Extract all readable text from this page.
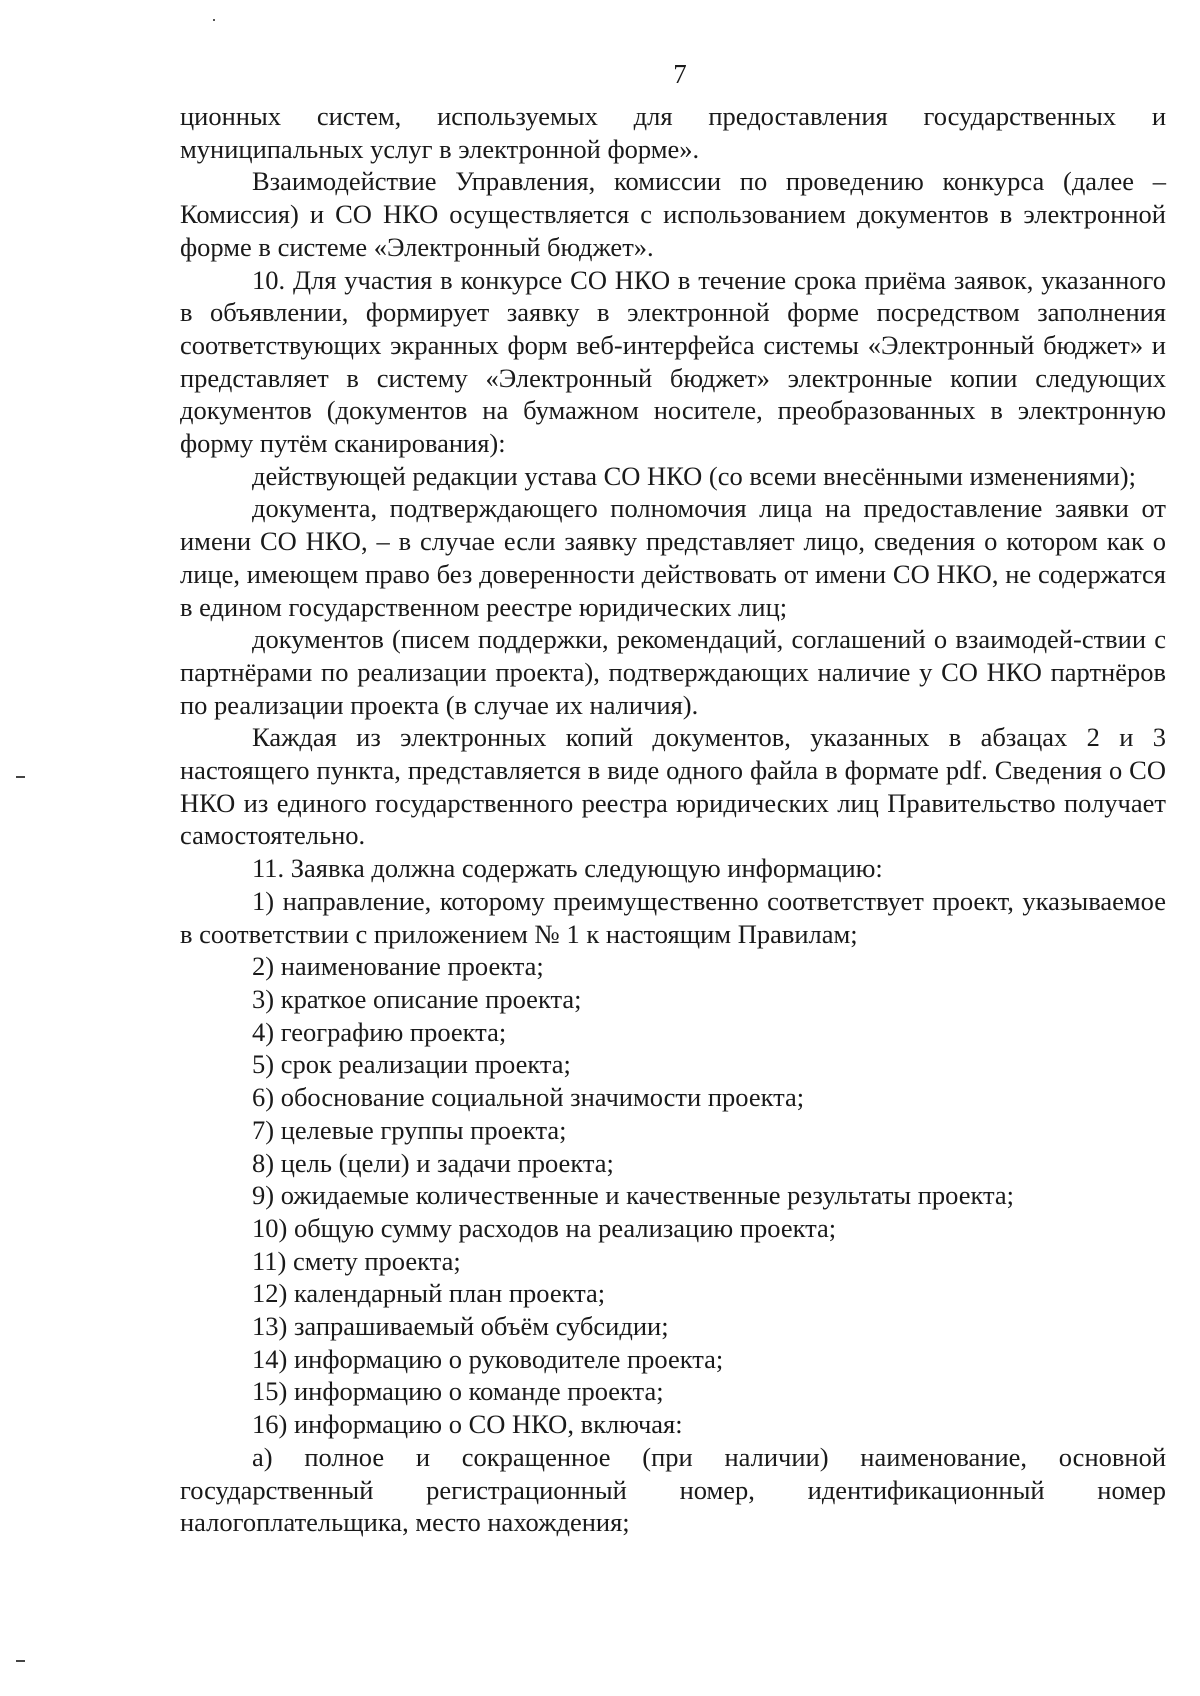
7

ционных систем, используемых для предоставления государственных и муниципальных услуг в электронной форме».

Взаимодействие Управления, комиссии по проведению конкурса (далее – Комиссия) и СО НКО осуществляется с использованием документов в электронной форме в системе «Электронный бюджет».

10. Для участия в конкурсе СО НКО в течение срока приёма заявок, указанного в объявлении, формирует заявку в электронной форме посредством заполнения соответствующих экранных форм веб-интерфейса системы «Электронный бюджет» и представляет в систему «Электронный бюджет» электронные копии следующих документов (документов на бумажном носителе, преобразованных в электронную форму путём сканирования):

действующей редакции устава СО НКО (со всеми внесёнными изменениями);

документа, подтверждающего полномочия лица на предоставление заявки от имени СО НКО, – в случае если заявку представляет лицо, сведения о котором как о лице, имеющем право без доверенности действовать от имени СО НКО, не содержатся в едином государственном реестре юридических лиц;

документов (писем поддержки, рекомендаций, соглашений о взаимодей-ствии с партнёрами по реализации проекта), подтверждающих наличие у СО НКО партнёров по реализации проекта (в случае их наличия).

Каждая из электронных копий документов, указанных в абзацах 2 и 3 настоящего пункта, представляется в виде одного файла в формате pdf. Сведения о СО НКО из единого государственного реестра юридических лиц Правительство получает самостоятельно.

11. Заявка должна содержать следующую информацию:

1) направление, которому преимущественно соответствует проект, указываемое в соответствии с приложением № 1 к настоящим Правилам;

2) наименование проекта;

3) краткое описание проекта;

4) географию проекта;

5) срок реализации проекта;

6) обоснование социальной значимости проекта;

7) целевые группы проекта;

8) цель (цели) и задачи проекта;

9) ожидаемые количественные и качественные результаты проекта;

10) общую сумму расходов на реализацию проекта;

11) смету проекта;

12) календарный план проекта;

13) запрашиваемый объём субсидии;

14) информацию о руководителе проекта;

15) информацию о команде проекта;

16) информацию о СО НКО, включая:

а) полное и сокращенное (при наличии) наименование, основной государственный регистрационный номер, идентификационный номер налогоплательщика, место нахождения;
